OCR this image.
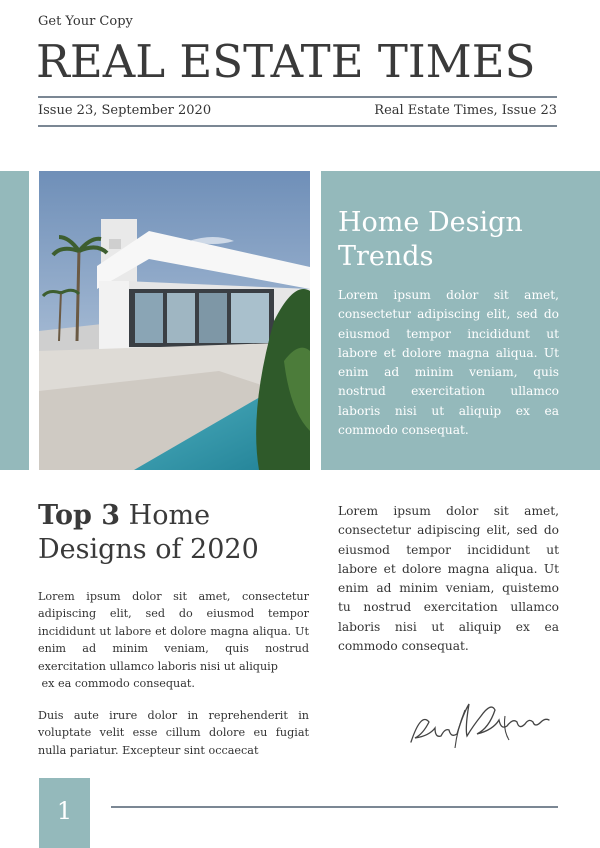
Get Your Copy
REAL ESTATE TIMES
Issue 23, September 2020	Real Estate Times, Issue 23
Home Design
Trends
Lorem ipsum dolor sit amet, consectetur adipiscing elit, sed do eiusmod tempor incididunt ut labore et dolore magna aliqua. Ut enim ad minim veniam, quis nostrud exercitation ullamco laboris nisi ut aliquip ex ea commodo consequat.
Top 3 Home
Designs of 2020
Lorem ipsum dolor sit amet, consectetur adipiscing elit, sed do eiusmod tempor incididunt ut labore et dolore magna aliqua. Ut enim ad minim veniam, quis nostrud exercitation ullamco laboris nisi ut aliquip
ex ea commodo consequat.
Duis aute irure dolor in reprehenderit in voluptate velit esse cillum dolore eu fugiat nulla pariatur. Excepteur sint occaecat
Lorem ipsum dolor sit amet, consectetur adipiscing elit, sed do eiusmod tempor incididunt ut labore et dolore magna aliqua. Ut enim ad minim veniam, quistemo tu nostrud exercitation ullamco laboris nisi ut aliquip ex ea commodo consequat.
1
